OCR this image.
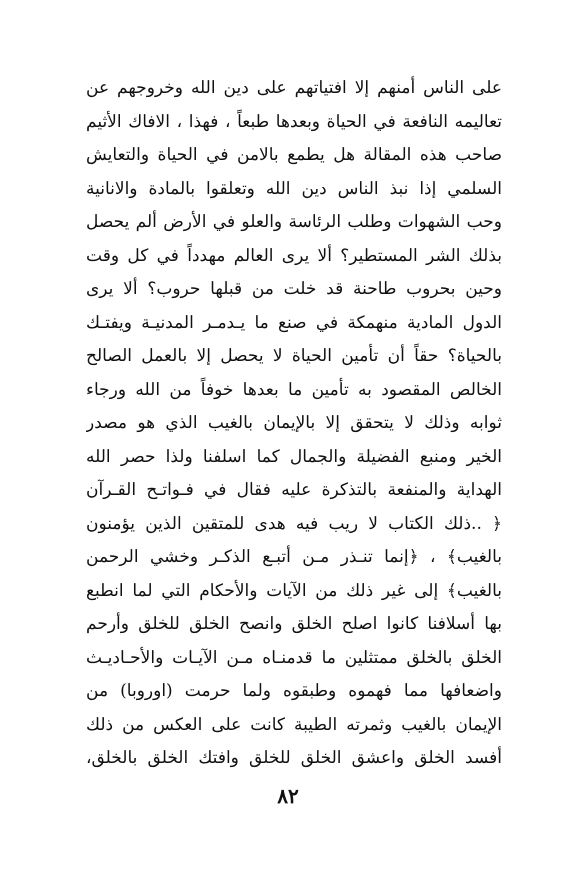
على الناس أمنهم إلا افتياتهم على دين الله وخروجهم عن
تعاليمه النافعة في الحياة وبعدها طبعاً ، فهذا ، الافاك الأثيم
صاحب هذه المقالة هل يطمع بالامن في الحياة والتعايش
السلمي إذا نبذ الناس دين الله وتعلقوا بالمادة والانانية
وحب الشهوات وطلب الرئاسة والعلو في الأرض ألم يحصل
بذلك الشر المستطير؟ ألا يرى العالم مهدداً في كل وقت
وحين بحروب طاحنة قد خلت من قبلها حروب؟ ألا يرى
الدول المادية منهمكة في صنع ما يـدمـر المدنيـة ويفتـك
بالحياة؟ حقاً أن تأمين الحياة لا يحصل إلا بالعمل الصالح
الخالص المقصود به تأمين ما بعدها خوفاً من الله ورجاء
ثوابه وذلك لا يتحقق إلا بالإيمان بالغيب الذي هو مصدر
الخير ومنبع الفضيلة والجمال كما اسلفنا ولذا حصر الله
الهداية والمنفعة بالتذكرة عليه فقال في فـواتـح القـرآن
﴿ ..ذلك الكتاب لا ريب فيه هدى للمتقين الذين يؤمنون
بالغيب﴾ ، ﴿إنما تنـذر مـن أتبـع الذكـر وخشي الرحمن
بالغيب﴾ إلى غير ذلك من الآيات والأحكام التي لما انطبع
بها أسلافنا كانوا اصلح الخلق وانصح الخلق للخلق وأرحم
الخلق بالخلق ممتثلين ما قدمنـاه مـن الآيـات والأحـاديـث
واضعافها مما فهموه وطبقوه ولما حرمت (اوروبا) من
الإيمان بالغيب وثمرته الطيبة كانت على العكس من ذلك
أفسد الخلق واعشق الخلق للخلق وافتك الخلق بالخلق،
٨٢
